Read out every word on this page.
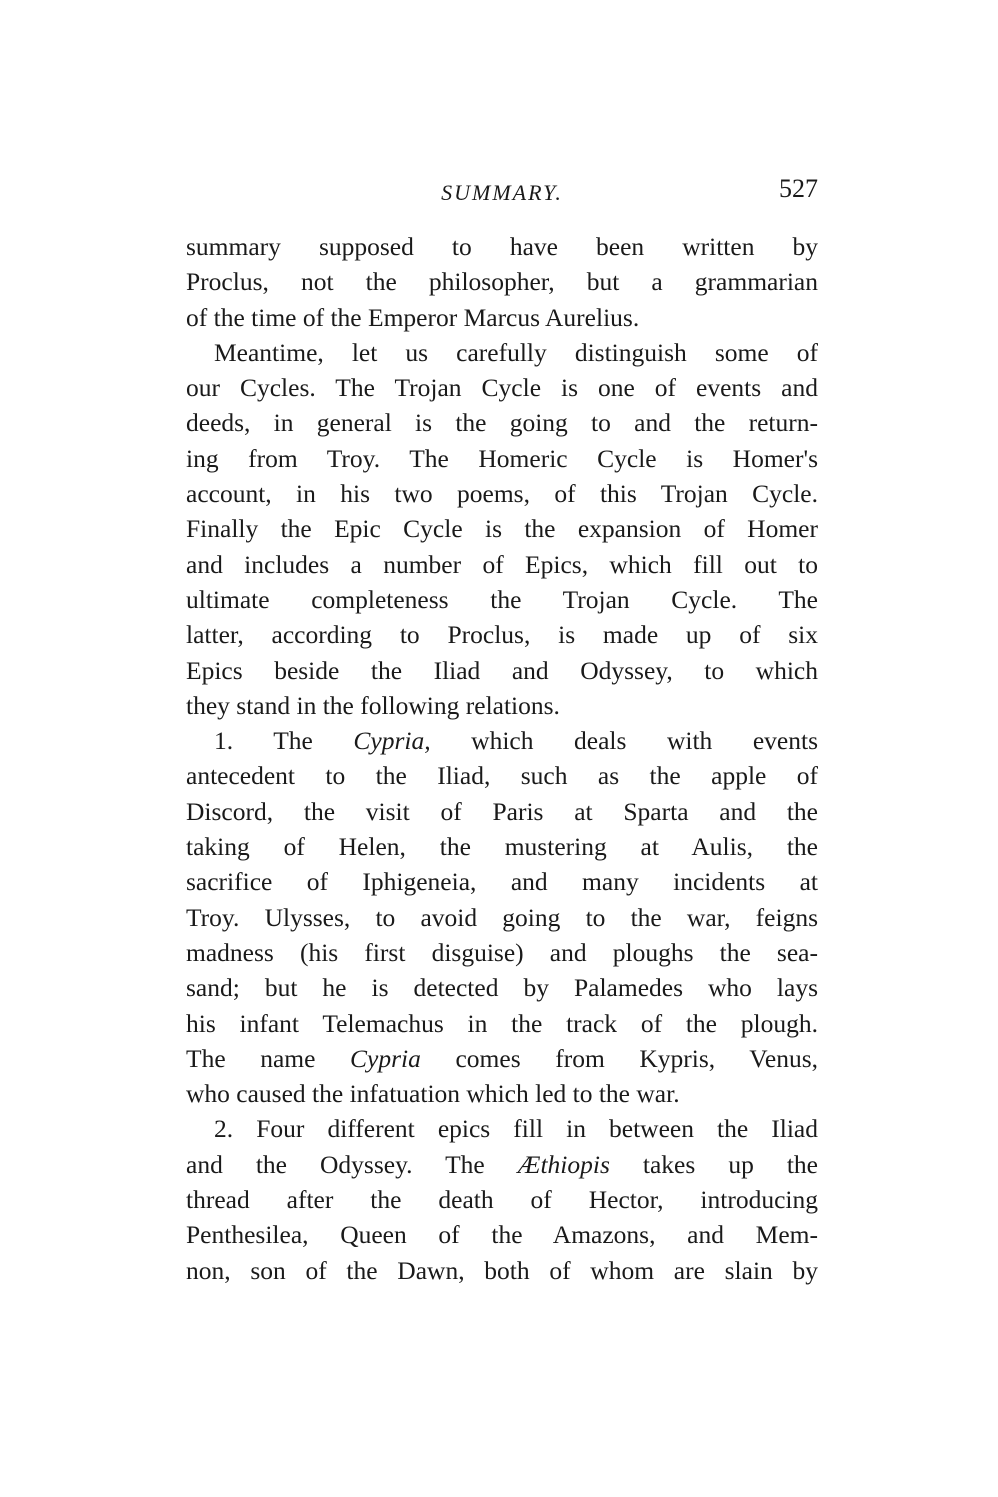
SUMMARY.	527
summary supposed to have been written by
Proclus, not the philosopher, but a grammarian
of the time of the Emperor Marcus Aurelius.
Meantime, let us carefully distinguish some of
our Cycles. The Trojan Cycle is one of events and
deeds, in general is the going to and the return-
ing from Troy. The Homeric Cycle is Homer's
account, in his two poems, of this Trojan Cycle.
Finally the Epic Cycle is the expansion of Homer
and includes a number of Epics, which fill out to
ultimate completeness the Trojan Cycle. The
latter, according to Proclus, is made up of six
Epics beside the Iliad and Odyssey, to which
they stand in the following relations.
1. The Cypria, which deals with events
antecedent to the Iliad, such as the apple of
Discord, the visit of Paris at Sparta and the
taking of Helen, the mustering at Aulis, the
sacrifice of Iphigeneia, and many incidents at
Troy. Ulysses, to avoid going to the war, feigns
madness (his first disguise) and ploughs the sea-
sand; but he is detected by Palamedes who lays
his infant Telemachus in the track of the plough.
The name Cypria comes from Kypris, Venus,
who caused the infatuation which led to the war.
2. Four different epics fill in between the Iliad
and the Odyssey. The Æthiopis takes up the
thread after the death of Hector, introducing
Penthesilea, Queen of the Amazons, and Mem-
non, son of the Dawn, both of whom are slain by
